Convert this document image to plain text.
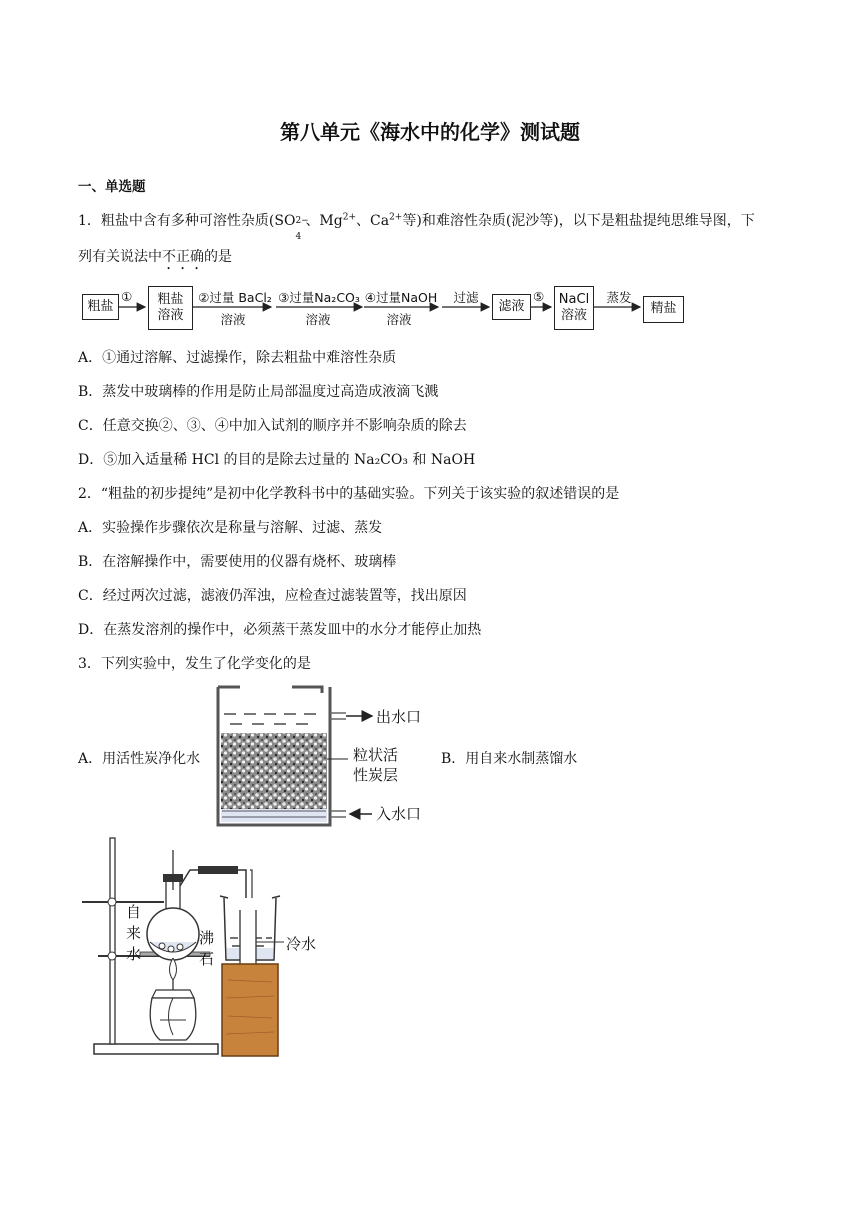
第八单元《海水中的化学》测试题
一、单选题
1．粗盐中含有多种可溶性杂质(SO 2−
4
、$Mg^{2+}$、$Ca^{2+}$等)和难溶性杂质(泥沙等)，以下是粗盐提纯思维导图，下
列有关说法中不正确的是
粗盐
① 粗盐
溶液
②过量 BaCl₂
溶液
③过量Na₂CO₃
溶液
④过量NaOH
溶液
过滤
滤液
⑤ NaCl
溶液
蒸发
精盐
A．①通过溶解、过滤操作，除去粗盐中难溶性杂质
B．蒸发中玻璃棒的作用是防止局部温度过高造成液滴飞溅
C．任意交换②、③、④中加入试剂的顺序并不影响杂质的除去
D．⑤加入适量稀 HCl 的目的是除去过量的 Na₂CO₃ 和 NaOH
2．“粗盐的初步提纯”是初中化学教科书中的基础实验。下列关于该实验的叙述错误的是
A．实验操作步骤依次是称量与溶解、过滤、蒸发
B．在溶解操作中，需要使用的仪器有烧杯、玻璃棒
C．经过两次过滤，滤液仍浑浊，应检查过滤装置等，找出原因
D．在蒸发溶剂的操作中，必须蒸干蒸发皿中的水分才能停止加热
3．下列实验中，发生了化学变化的是
A．用活性炭净化水	B．用自来水制蒸馏水
出水口
粒状活
性炭层
入水口
自
来
水
沸
石
冷水
